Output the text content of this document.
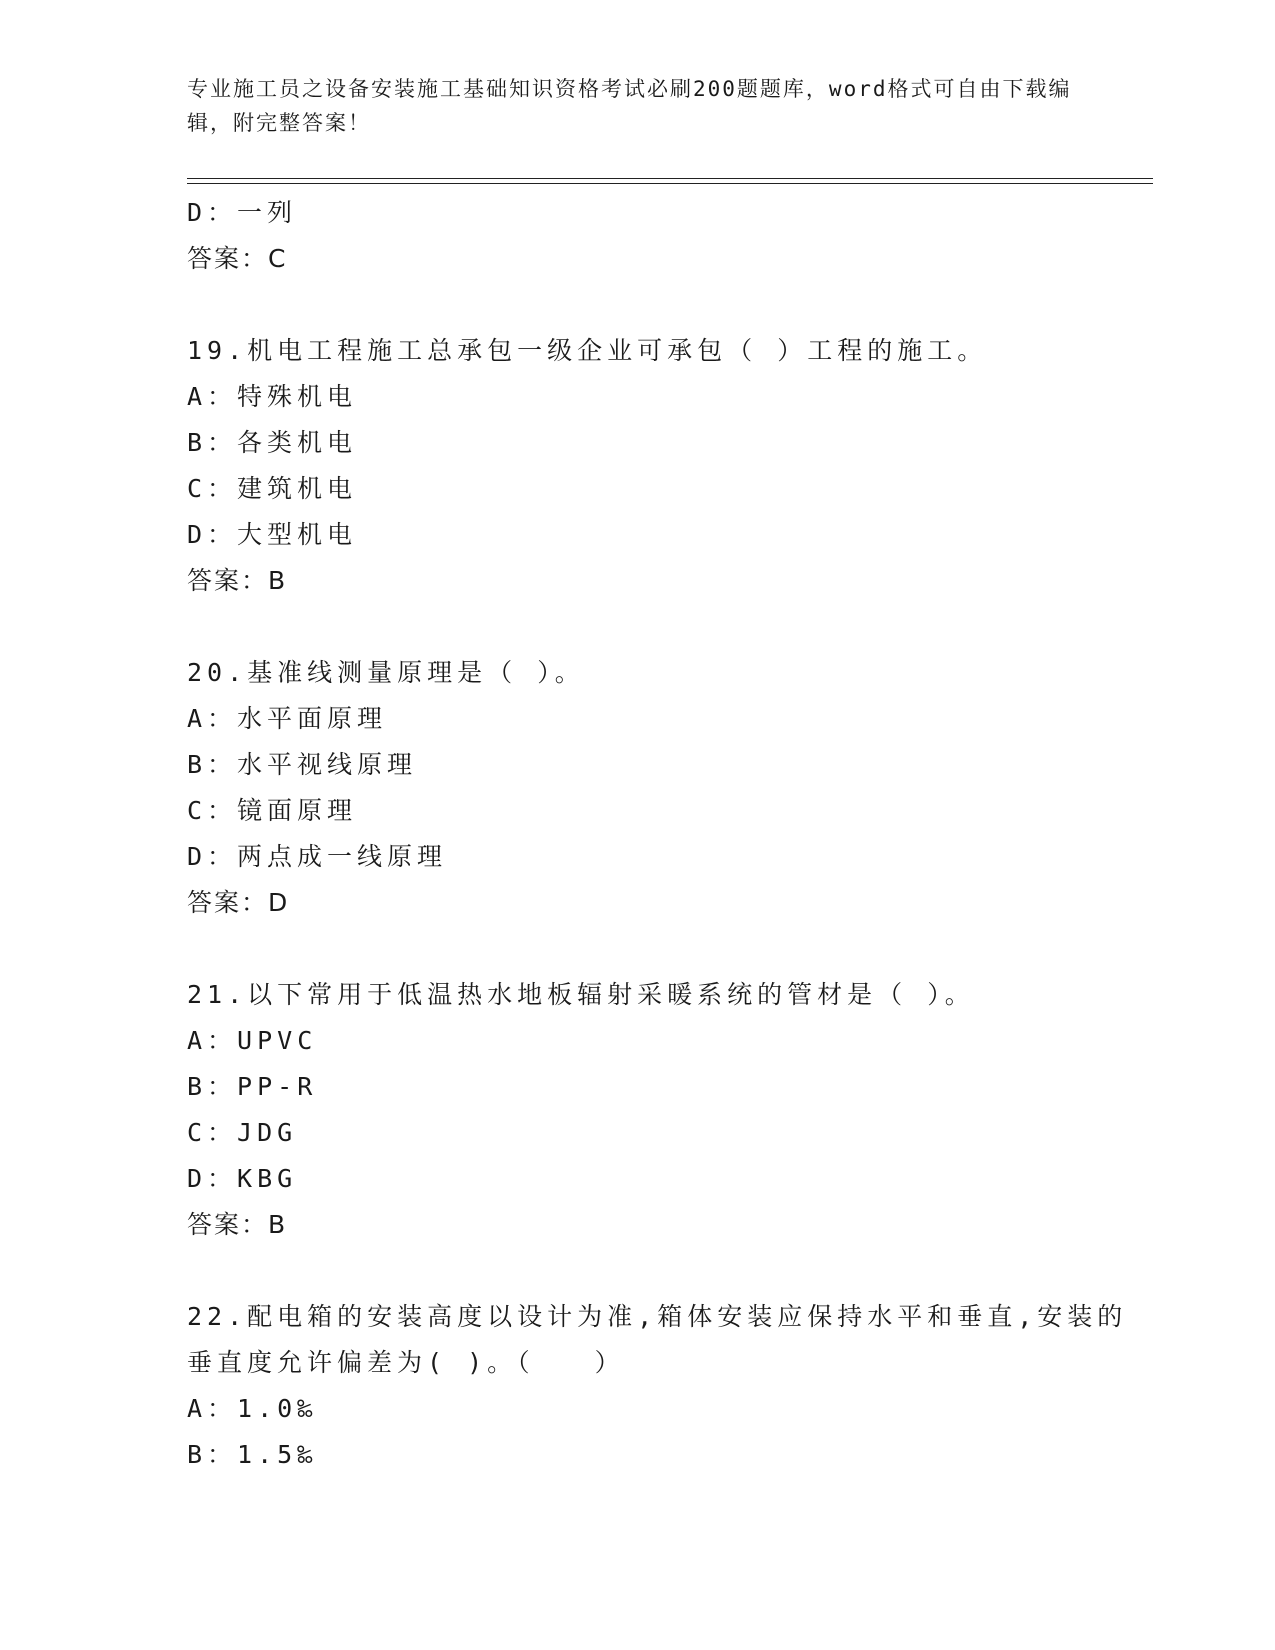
专业施工员之设备安装施工基础知识资格考试必刷200题题库，word格式可自由下载编辑，附完整答案！
D：一列
答案：C
19.机电工程施工总承包一级企业可承包（ ）工程的施工。
A：特殊机电
B：各类机电
C：建筑机电
D：大型机电
答案：B
20.基准线测量原理是（ ）。
A：水平面原理
B：水平视线原理
C：镜面原理
D：两点成一线原理
答案：D
21.以下常用于低温热水地板辐射采暖系统的管材是（ ）。
A：UPVC
B：PP-R
C：JDG
D：KBG
答案：B
22.配电箱的安装高度以设计为准,箱体安装应保持水平和垂直,安装的
垂直度允许偏差为( )。（　　）
A：1.0‰
B：1.5‰
